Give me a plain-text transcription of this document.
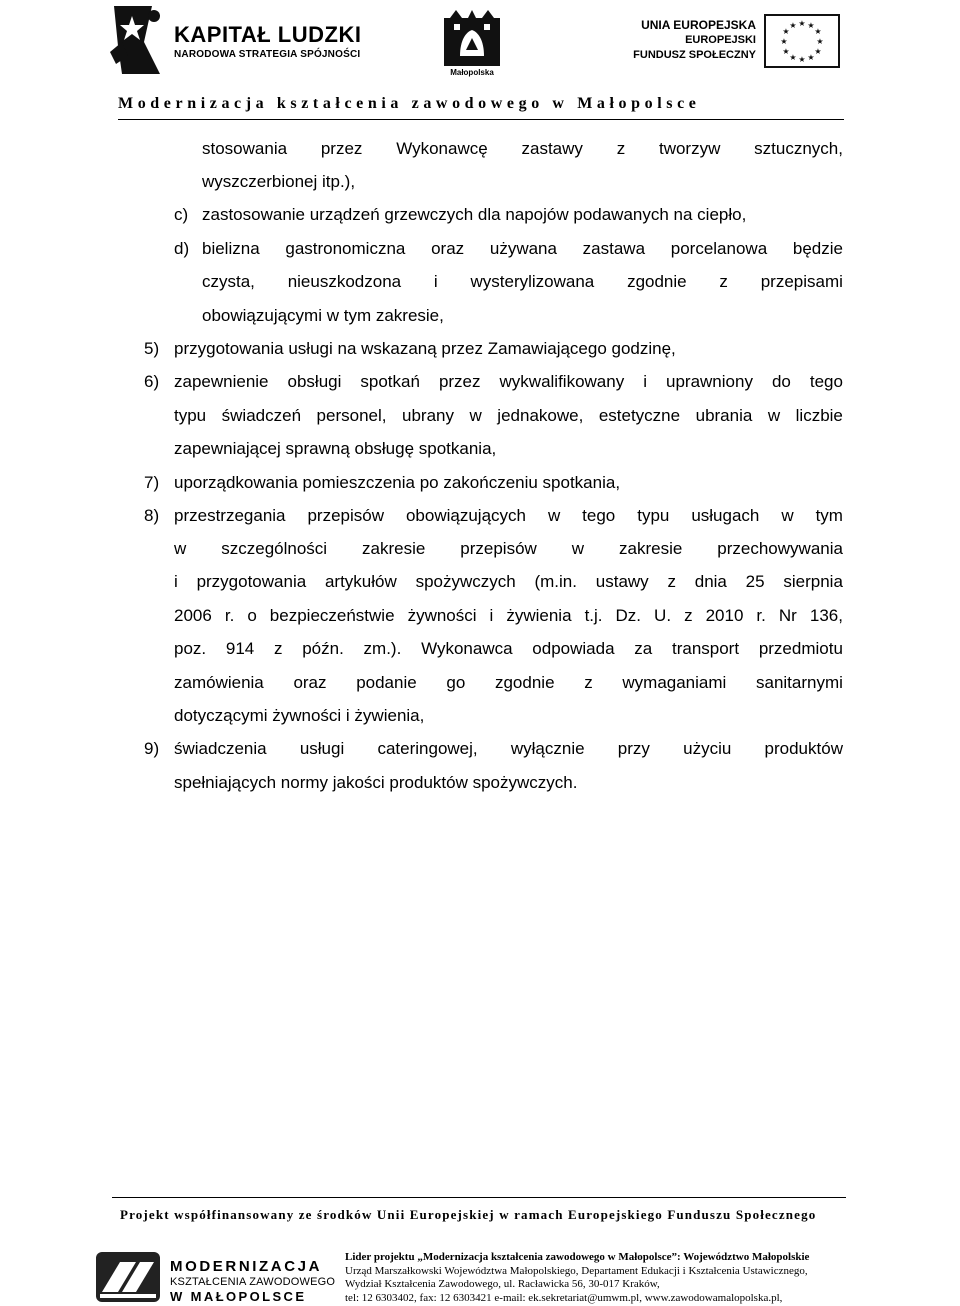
KAPITAŁ LUDZKI
NARODOWA STRATEGIA SPÓJNOŚCI
Małopolska
UNIA EUROPEJSKA
EUROPEJSKI
FUNDUSZ SPOŁECZNY
★ ★
★
★
★
★
★
★
★
★
★
★
Modernizacja kształcenia zawodowego w Małopolsce
stosowania przez Wykonawcę zastawy z tworzyw sztucznych,
wyszczerbionej itp.),
c) zastosowanie urządzeń grzewczych dla napojów podawanych na ciepło,
d) bielizna gastronomiczna oraz używana zastawa porcelanowa będzie
czysta, nieuszkodzona i wysterylizowana zgodnie z przepisami
obowiązującymi w tym zakresie,
5) przygotowania usługi na wskazaną przez Zamawiającego godzinę,
6) zapewnienie obsługi spotkań przez wykwalifikowany i uprawniony do tego
typu świadczeń personel, ubrany w jednakowe, estetyczne ubrania w liczbie
zapewniającej sprawną obsługę spotkania,
7) uporządkowania pomieszczenia po zakończeniu spotkania,
8) przestrzegania przepisów obowiązujących w tego typu usługach w tym
w szczególności zakresie przepisów w zakresie przechowywania
i przygotowania artykułów spożywczych (m.in. ustawy z dnia 25 sierpnia
2006 r. o bezpieczeństwie żywności i żywienia t.j. Dz. U. z 2010 r. Nr 136,
poz. 914 z późn. zm.). Wykonawca odpowiada za transport przedmiotu
zamówienia oraz podanie go zgodnie z wymaganiami sanitarnymi
dotyczącymi żywności i żywienia,
9) świadczenia usługi cateringowej, wyłącznie przy użyciu produktów
spełniających normy jakości produktów spożywczych.
Projekt współfinansowany ze środków Unii Europejskiej w ramach Europejskiego Funduszu Społecznego
MODERNIZACJA
KSZTAŁCENIA ZAWODOWEGO
W MAŁOPOLSCE
Lider projektu „Modernizacja kształcenia zawodowego w Małopolsce”: Województwo Małopolskie
Urząd Marszałkowski Województwa Małopolskiego, Departament Edukacji i Kształcenia Ustawicznego,
Wydział Kształcenia Zawodowego, ul. Racławicka 56, 30-017 Kraków,
tel: 12 6303402, fax: 12 6303421 e-mail: ek.sekretariat@umwm.pl, www.zawodowamalopolska.pl,
